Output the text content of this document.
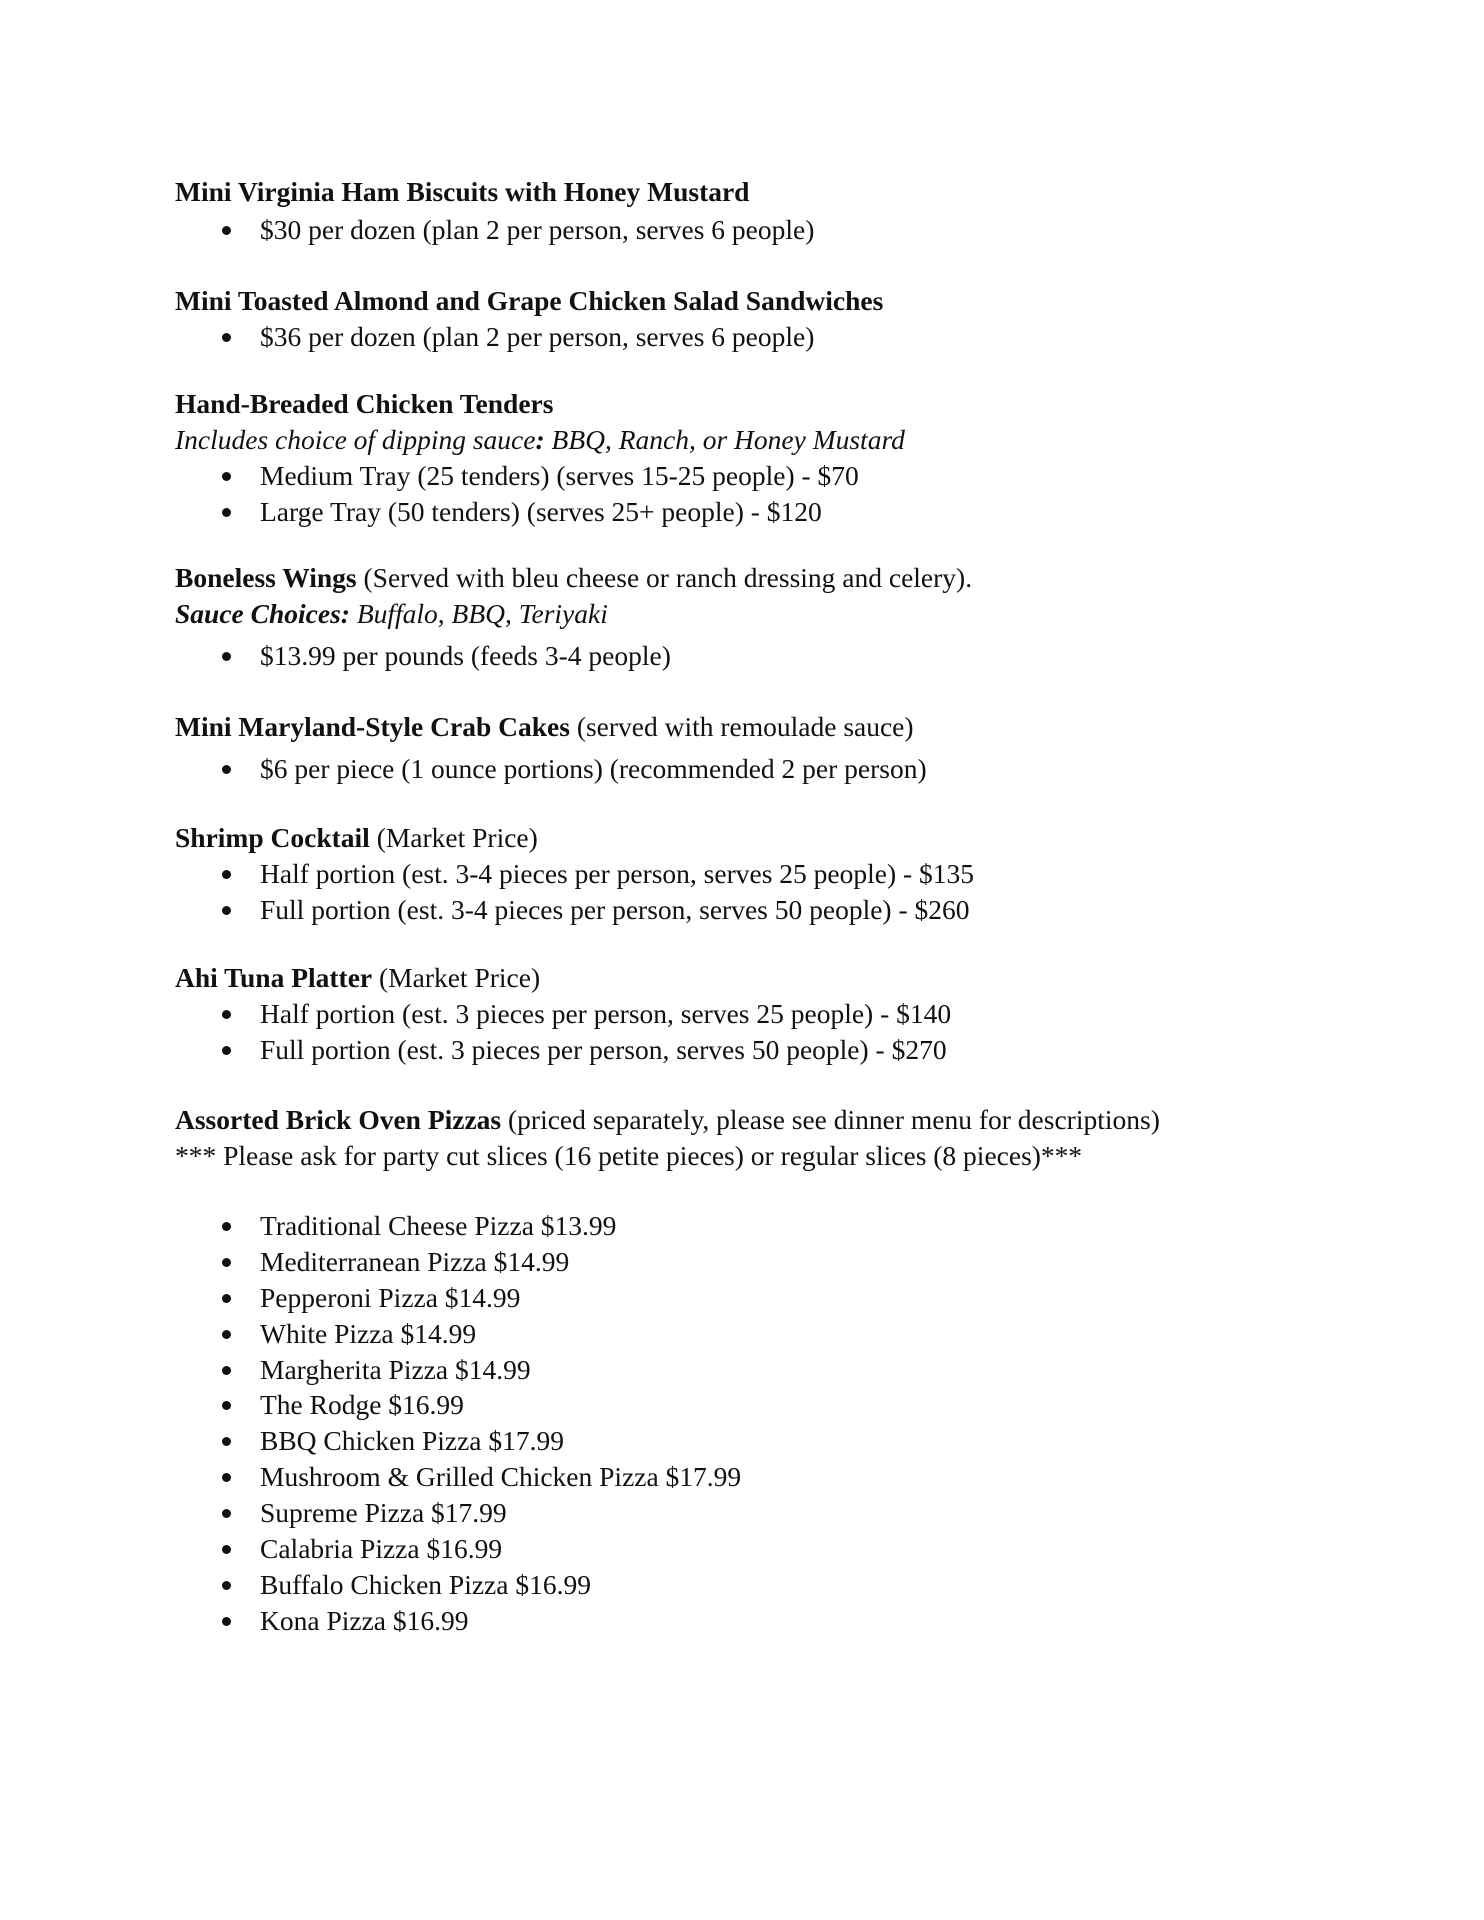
Mini Virginia Ham Biscuits with Honey Mustard
$30 per dozen (plan 2 per person, serves 6 people)
Mini Toasted Almond and Grape Chicken Salad Sandwiches
$36 per dozen (plan 2 per person, serves 6 people)
Hand-Breaded Chicken Tenders
Includes choice of dipping sauce: BBQ, Ranch, or Honey Mustard
Medium Tray (25 tenders) (serves 15-25 people) - $70
Large Tray (50 tenders) (serves 25+ people) - $120
Boneless Wings (Served with bleu cheese or ranch dressing and celery).
Sauce Choices: Buffalo, BBQ, Teriyaki
$13.99 per pounds (feeds 3-4 people)
Mini Maryland-Style Crab Cakes (served with remoulade sauce)
$6 per piece (1 ounce portions) (recommended 2 per person)
Shrimp Cocktail (Market Price)
Half portion (est. 3-4 pieces per person, serves 25 people) - $135
Full portion (est. 3-4 pieces per person, serves 50 people) - $260
Ahi Tuna Platter (Market Price)
Half portion (est. 3 pieces per person, serves 25 people) - $140
Full portion (est. 3 pieces per person, serves 50 people) - $270
Assorted Brick Oven Pizzas (priced separately, please see dinner menu for descriptions)
*** Please ask for party cut slices (16 petite pieces) or regular slices (8 pieces)***
Traditional Cheese Pizza $13.99
Mediterranean Pizza $14.99
Pepperoni Pizza $14.99
White Pizza $14.99
Margherita Pizza $14.99
The Rodge $16.99
BBQ Chicken Pizza $17.99
Mushroom & Grilled Chicken Pizza $17.99
Supreme Pizza $17.99
Calabria Pizza $16.99
Buffalo Chicken Pizza $16.99
Kona Pizza $16.99
